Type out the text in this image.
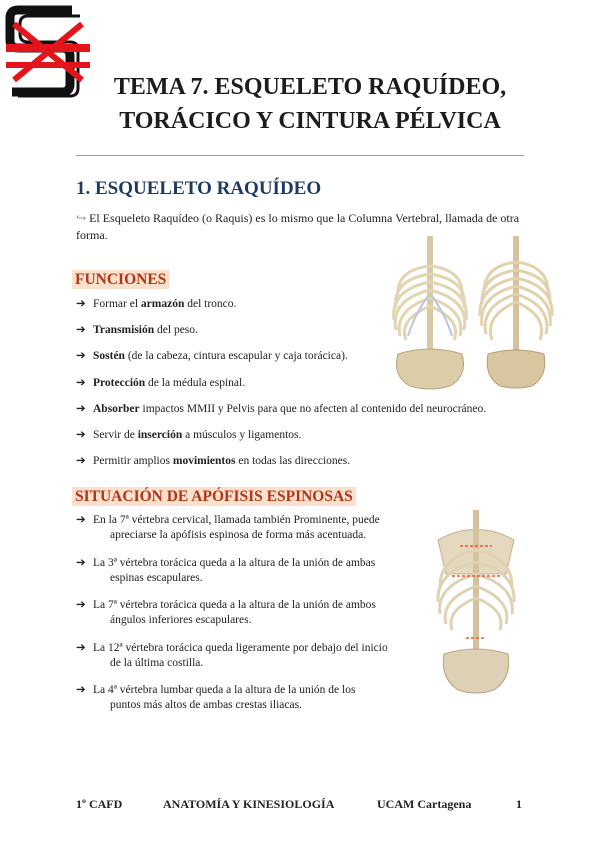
TEMA 7. ESQUELETO RAQUÍDEO,
TORÁCICO Y CINTURA PÉLVICA
1. ESQUELETO RAQUÍDEO
↪ El Esqueleto Raquídeo (o Raquis) es lo mismo que la Columna Vertebral, llamada de otra forma.
FUNCIONES
➔ Formar el armazón del tronco.
➔ Transmisión del peso.
➔ Sostén (de la cabeza, cintura escapular y caja torácica).
➔ Protección de la médula espinal.
➔ Absorber impactos MMII y Pelvis para que no afecten al contenido del neurocráneo.
➔ Servir de inserción a músculos y ligamentos.
➔ Permitir amplios movimientos en todas las direcciones.
SITUACIÓN DE APÓFISIS ESPINOSAS
➔ En la 7ª vértebra cervical, llamada también Prominente, puede
apreciarse la apófisis espinosa de forma más acentuada.
➔ La 3ª vértebra torácica queda a la altura de la unión de ambas
espinas escapulares.
➔ La 7ª vértebra torácica queda a la altura de la unión de ambos
ángulos inferiores escapulares.
➔ La 12ª vértebra torácica queda ligeramente por debajo del inicio
de la última costilla.
➔ La 4ª vértebra lumbar queda a la altura de la unión de los
puntos más altos de ambas crestas iliacas.
1º CAFD	ANATOMÍA Y KINESIOLOGÍA	UCAM Cartagena	1
